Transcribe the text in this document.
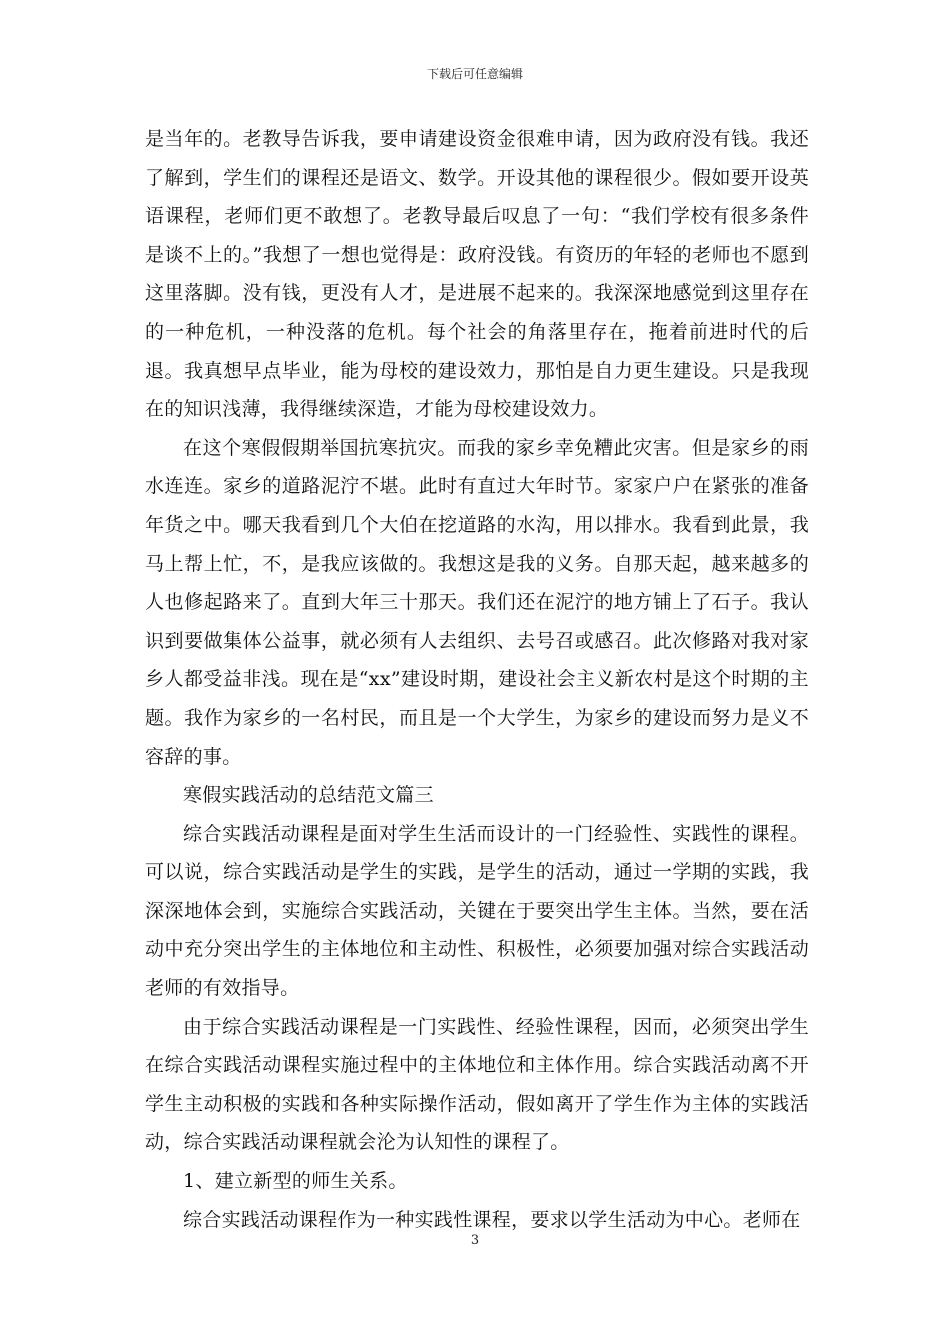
下载后可任意编辑

是当年的。老教导告诉我，要申请建设资金很难申请，因为政府没有钱。我还了解到，学生们的课程还是语文、数学。开设其他的课程很少。假如要开设英语课程，老师们更不敢想了。老教导最后叹息了一句：“我们学校有很多条件是谈不上的。”我想了一想也觉得是：政府没钱。有资历的年轻的老师也不愿到这里落脚。没有钱，更没有人才，是进展不起来的。我深深地感觉到这里存在的一种危机，一种没落的危机。每个社会的角落里存在，拖着前进时代的后退。我真想早点毕业，能为母校的建设效力，那怕是自力更生建设。只是我现在的知识浅薄，我得继续深造，才能为母校建设效力。

在这个寒假假期举国抗寒抗灾。而我的家乡幸免糟此灾害。但是家乡的雨水连连。家乡的道路泥泞不堪。此时有直过大年时节。家家户户在紧张的准备年货之中。哪天我看到几个大伯在挖道路的水沟，用以排水。我看到此景，我马上帮上忙，不，是我应该做的。我想这是我的义务。自那天起，越来越多的人也修起路来了。直到大年三十那天。我们还在泥泞的地方铺上了石子。我认识到要做集体公益事，就必须有人去组织、去号召或感召。此次修路对我对家乡人都受益非浅。现在是“xx”建设时期，建设社会主义新农村是这个时期的主题。我作为家乡的一名村民，而且是一个大学生，为家乡的建设而努力是义不容辞的事。

寒假实践活动的总结范文篇三

综合实践活动课程是面对学生生活而设计的一门经验性、实践性的课程。可以说，综合实践活动是学生的实践，是学生的活动，通过一学期的实践，我深深地体会到，实施综合实践活动，关键在于要突出学生主体。当然，要在活动中充分突出学生的主体地位和主动性、积极性，必须要加强对综合实践活动老师的有效指导。

由于综合实践活动课程是一门实践性、经验性课程，因而，必须突出学生在综合实践活动课程实施过程中的主体地位和主体作用。综合实践活动离不开学生主动积极的实践和各种实际操作活动，假如离开了学生作为主体的实践活动，综合实践活动课程就会沦为认知性的课程了。

1、建立新型的师生关系。

综合实践活动课程作为一种实践性课程，要求以学生活动为中心。老师在

3
